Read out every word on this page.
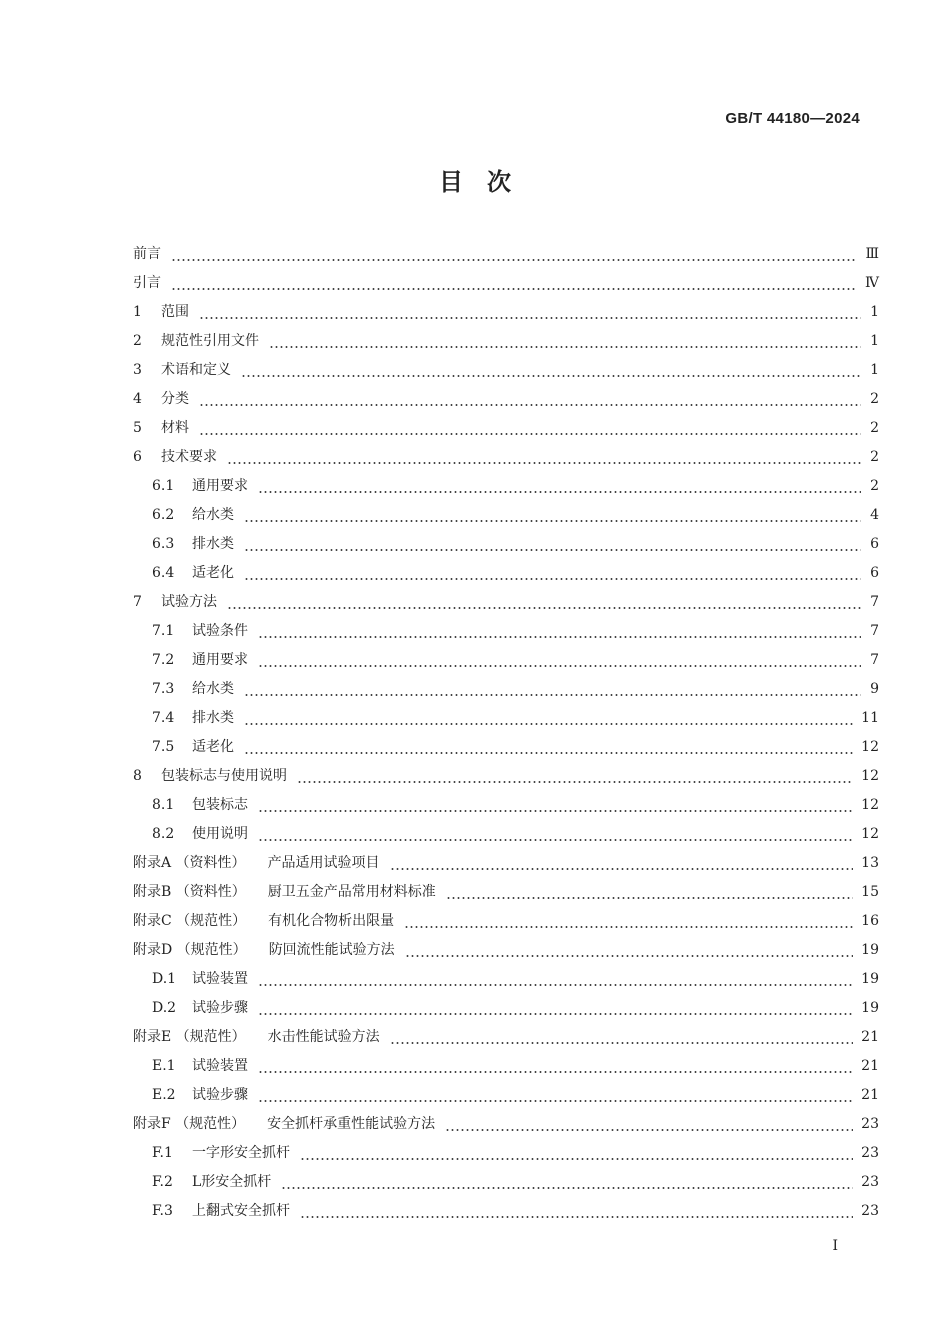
GB/T 44180—2024
目　次
前言	Ⅲ
引言	Ⅳ
1	范围	1
2	规范性引用文件	1
3	术语和定义	1
4	分类	2
5	材料	2
6	技术要求	2
6.1	通用要求	2
6.2	给水类	4
6.3	排水类	6
6.4	适老化	6
7	试验方法	7
7.1	试验条件	7
7.2	通用要求	7
7.3	给水类	9
7.4	排水类	11
7.5	适老化	12
8	包装标志与使用说明	12
8.1	包装标志	12
8.2	使用说明	12
附录A （资料性） 产品适用试验项目	13
附录B （资料性） 厨卫五金产品常用材料标准	15
附录C （规范性） 有机化合物析出限量	16
附录D （规范性） 防回流性能试验方法	19
D.1	试验装置	19
D.2	试验步骤	19
附录E （规范性） 水击性能试验方法	21
E.1	试验装置	21
E.2	试验步骤	21
附录F （规范性） 安全抓杆承重性能试验方法	23
F.1	一字形安全抓杆	23
F.2	L形安全抓杆	23
F.3	上翻式安全抓杆	23
Ⅰ
